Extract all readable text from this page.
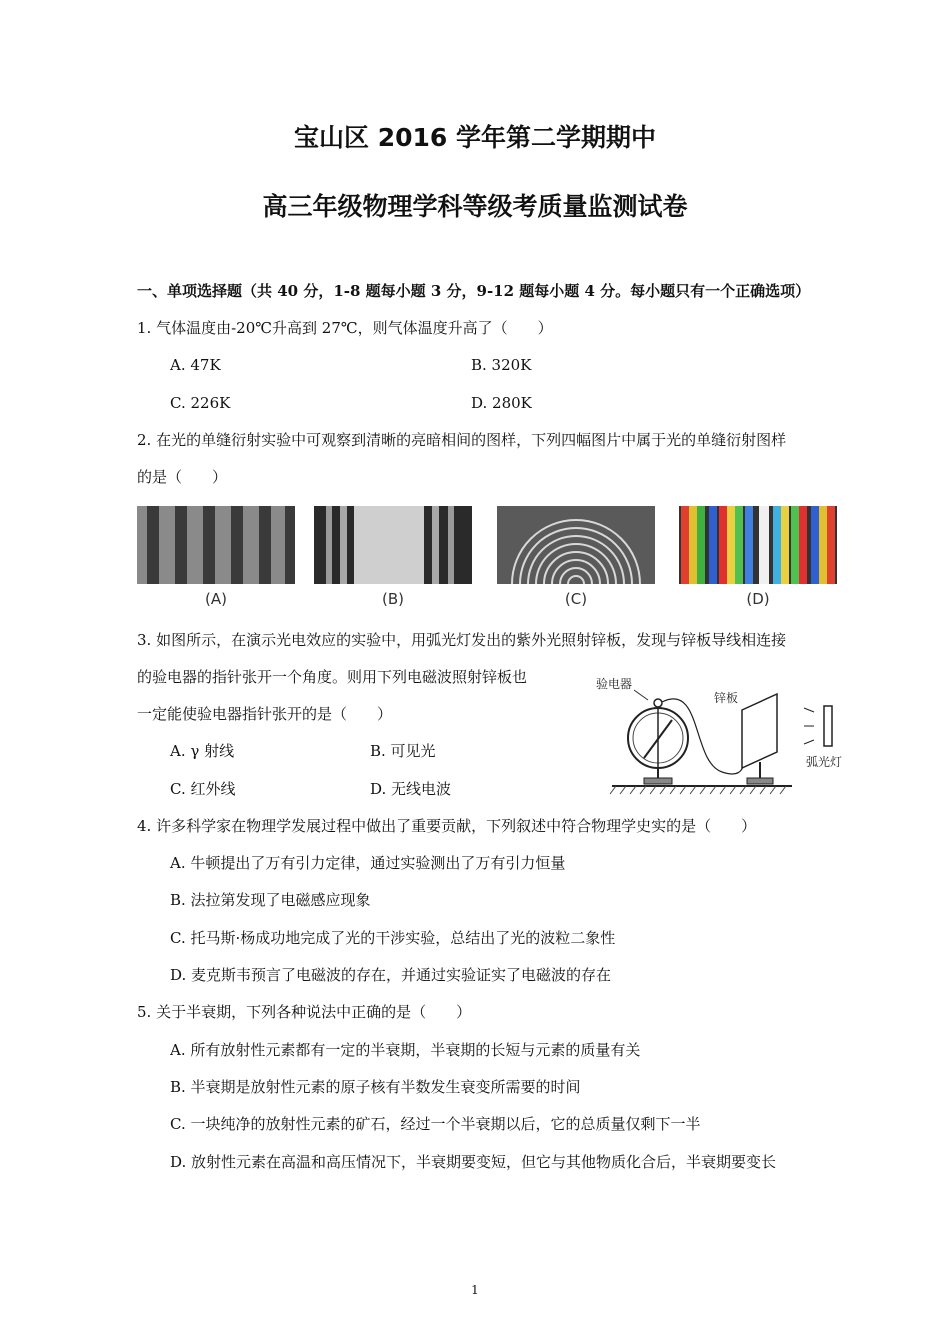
宝山区 2016 学年第二学期期中
高三年级物理学科等级考质量监测试卷
一、单项选择题（共 40 分，1-8 题每小题 3 分，9-12 题每小题 4 分。每小题只有一个正确选项）
1. 气体温度由-20℃升高到 27℃，则气体温度升高了（　　）
A. 47K	B. 320K
C. 226K	D. 280K
2. 在光的单缝衍射实验中可观察到清晰的亮暗相间的图样，下列四幅图片中属于光的单缝衍射图样
的是（　　）
(A)	(B)	(C)	(D)
3. 如图所示，在演示光电效应的实验中，用弧光灯发出的紫外光照射锌板，发现与锌板导线相连接
的验电器的指针张开一个角度。则用下列电磁波照射锌板也
一定能使验电器指针张开的是（　　）
A. γ 射线	B. 可见光
C. 红外线	D. 无线电波
验电器
锌板
弧光灯
4. 许多科学家在物理学发展过程中做出了重要贡献，下列叙述中符合物理学史实的是（　　）
A. 牛顿提出了万有引力定律，通过实验测出了万有引力恒量
B. 法拉第发现了电磁感应现象
C. 托马斯·杨成功地完成了光的干涉实验，总结出了光的波粒二象性
D. 麦克斯韦预言了电磁波的存在，并通过实验证实了电磁波的存在
5. 关于半衰期，下列各种说法中正确的是（　　）
A. 所有放射性元素都有一定的半衰期，半衰期的长短与元素的质量有关
B. 半衰期是放射性元素的原子核有半数发生衰变所需要的时间
C. 一块纯净的放射性元素的矿石，经过一个半衰期以后，它的总质量仅剩下一半
D. 放射性元素在高温和高压情况下，半衰期要变短，但它与其他物质化合后，半衰期要变长
1
